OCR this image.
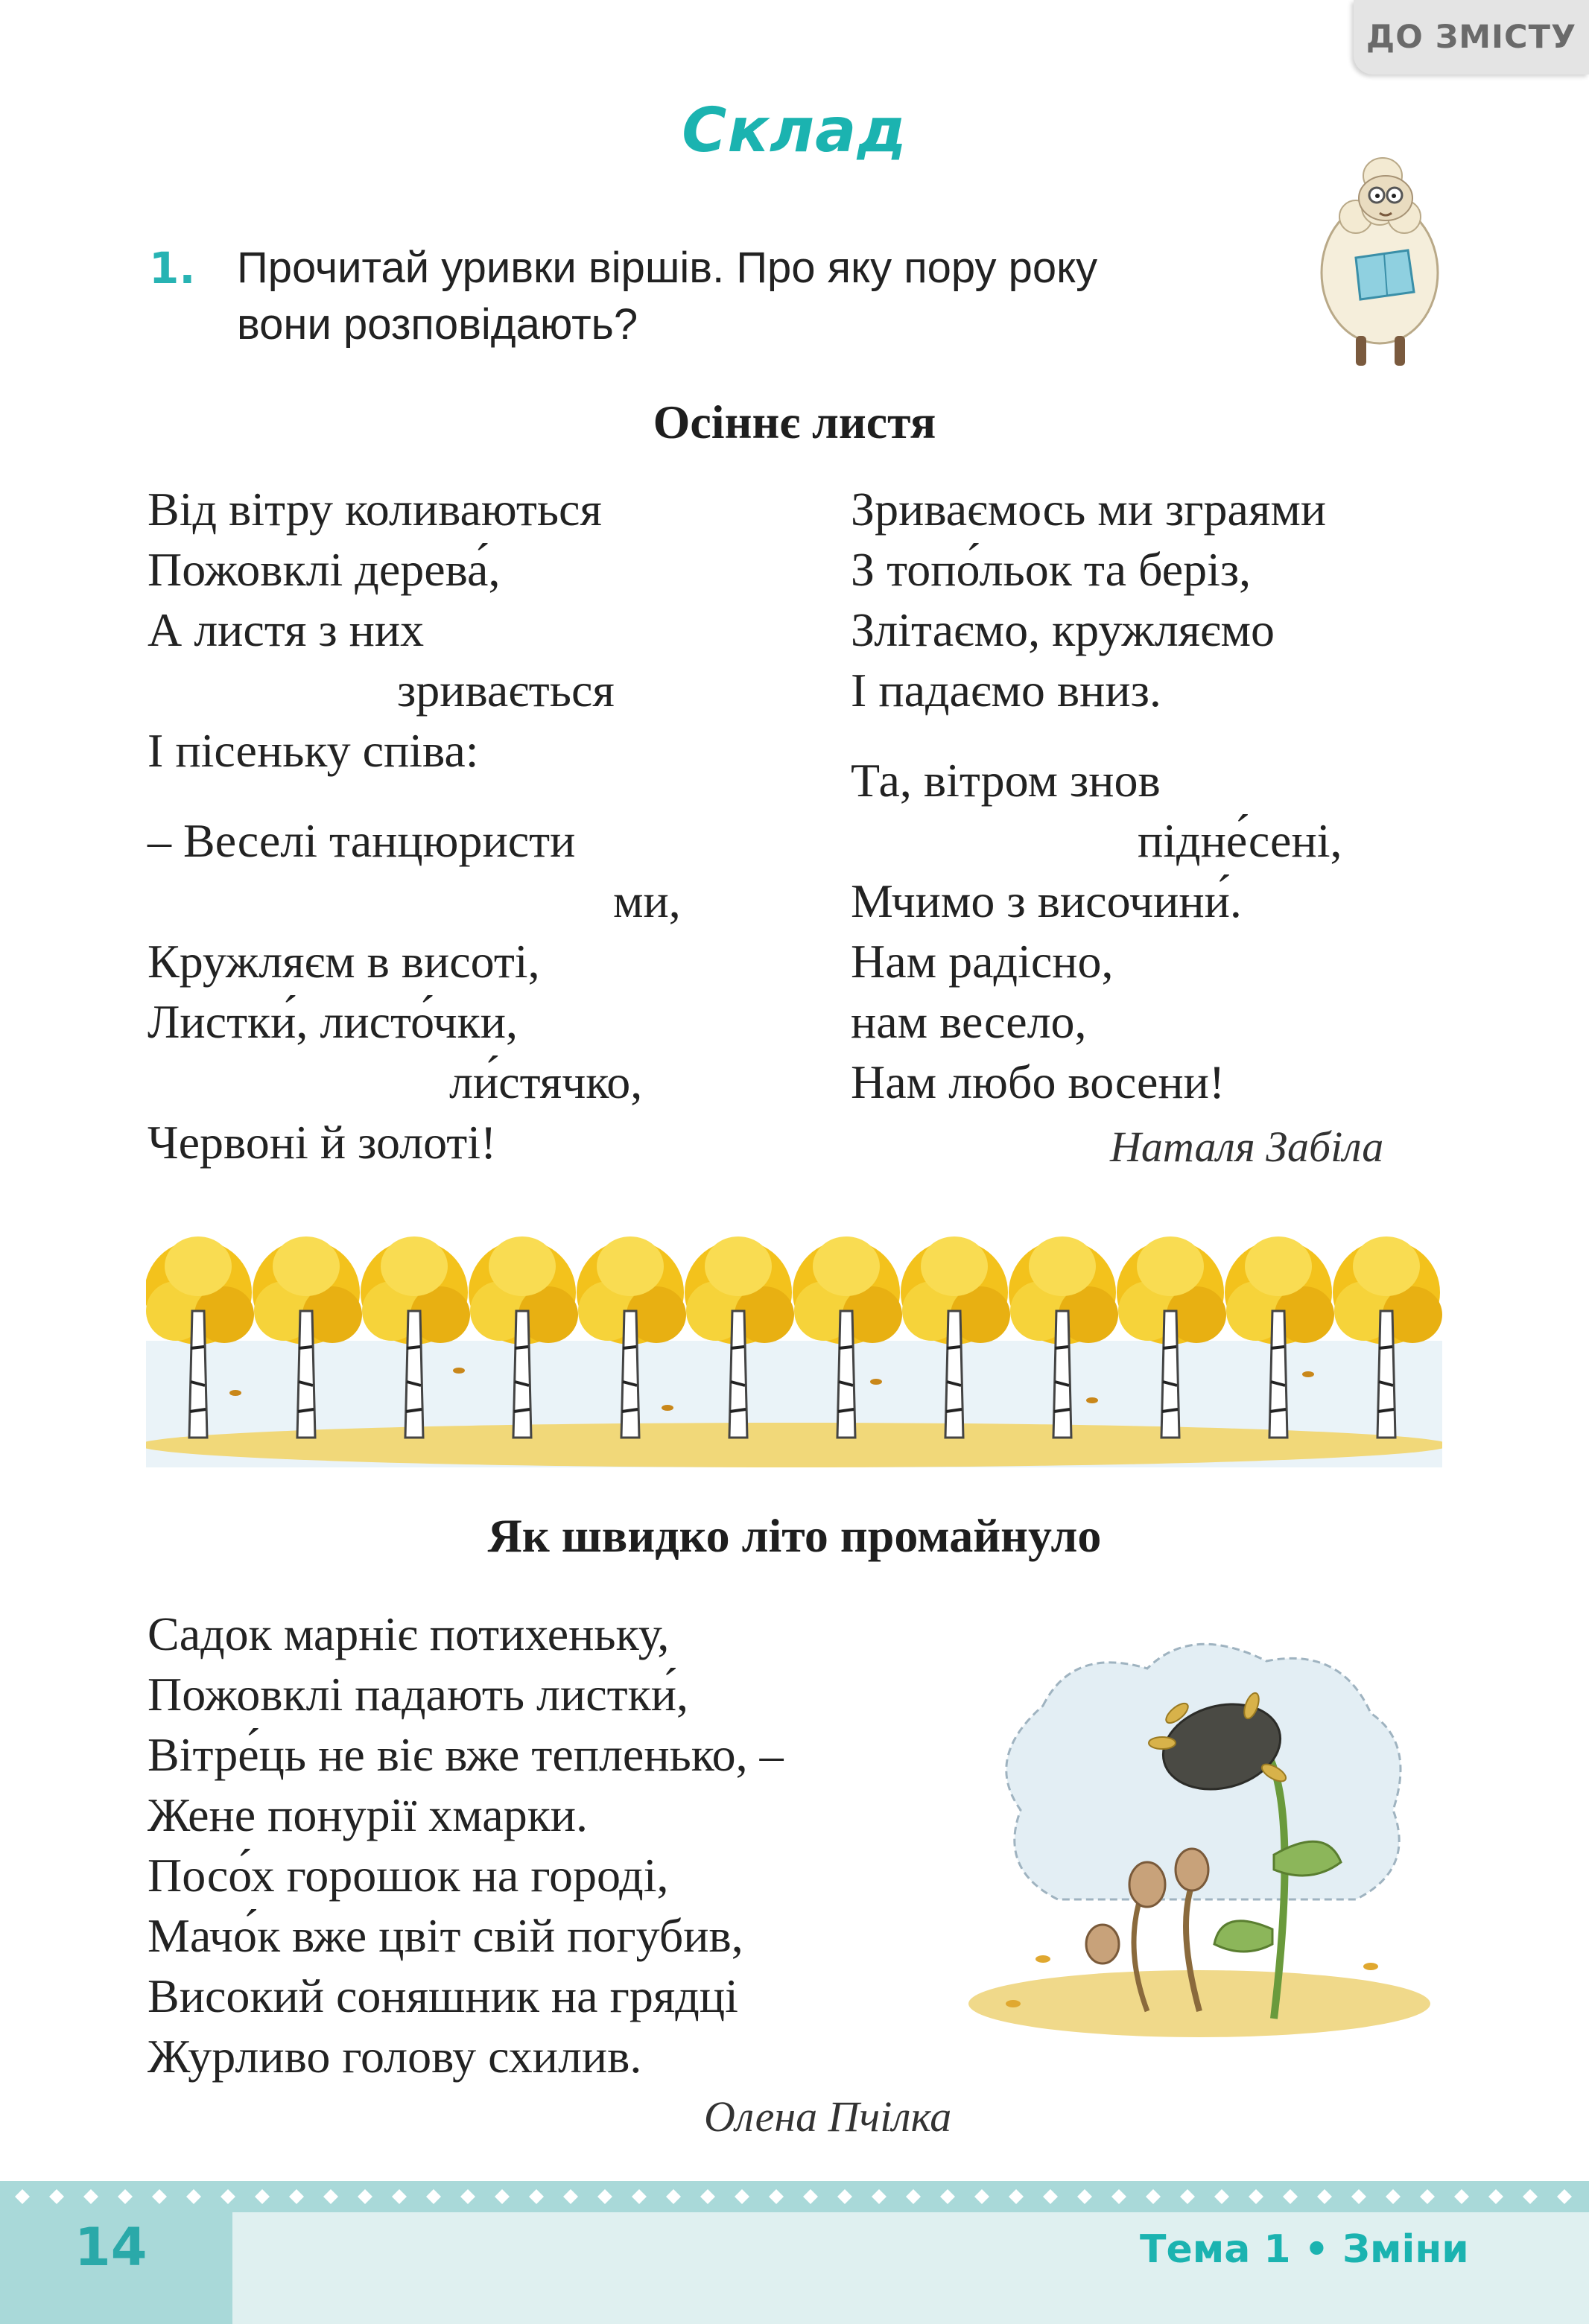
ДО ЗМІСТУ
Склад
1. Прочитай уривки віршів. Про яку пору року
вони розповідають?
Осіннє листя
Від вітру коливаються
Пожовклі дерева́,
А листя з них
зривається
І пісеньку співа:
– Веселі танцюристи
ми,
Кружляєм в висоті,
Листки́, листо́чки,
ли́стячко,
Червоні й золоті!
Зриваємось ми зграями
З топо́льок та беріз,
Злітаємо, кружляємо
І падаємо вниз.
Та, вітром знов
підне́сені,
Мчимо з височини́.
Нам радісно,
нам весело,
Нам любо восени!
Наталя Забіла
Як швидко літо промайнуло
Садок марніє потихеньку,
Пожовклі падають листки́,
Вітре́ць не віє вже тепленько, –
Жене понурії хмарки.
Посо́х горошок на городі,
Мачо́к вже цвіт свій погубив,
Високий соняшник на грядці
Журливо голову схилив.
Олена Пчілка
14	Тема 1 • Зміни
